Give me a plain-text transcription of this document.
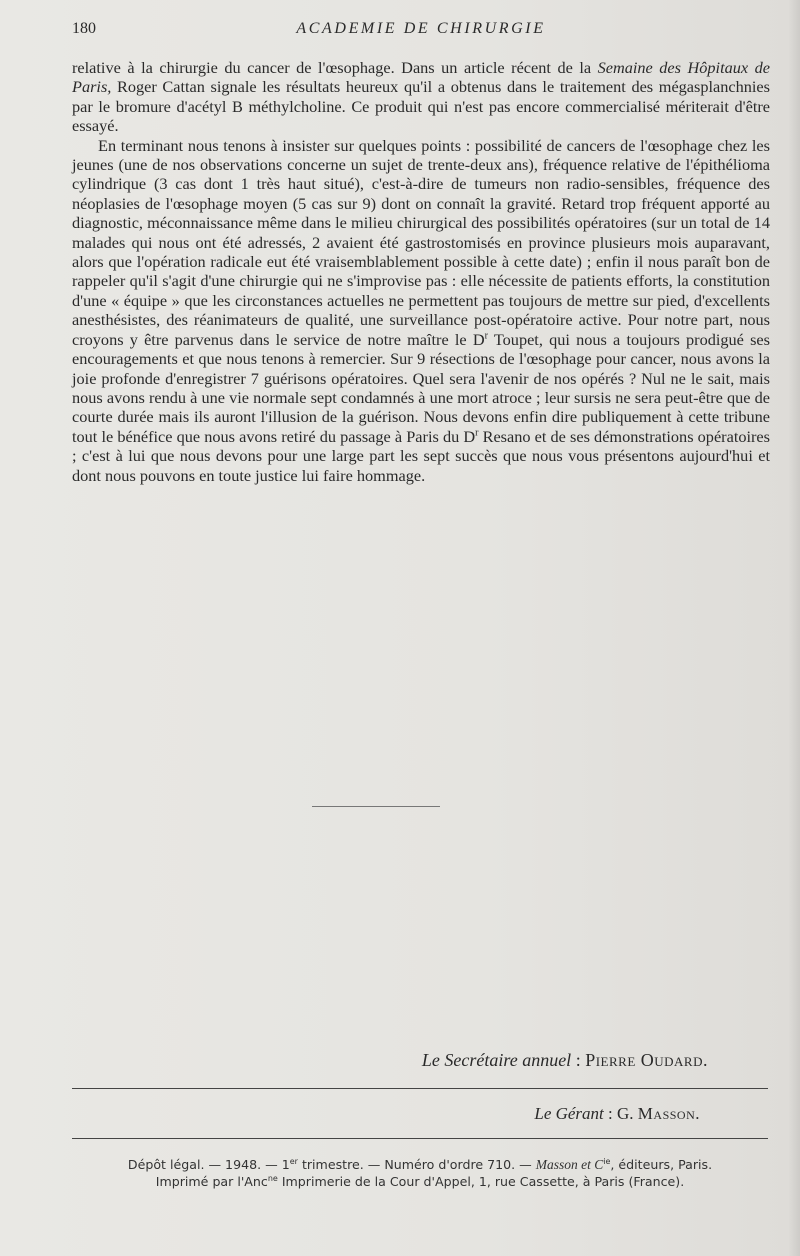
180	ACADEMIE DE CHIRURGIE

relative à la chirurgie du cancer de l'œsophage. Dans un article récent de la Semaine des Hôpitaux de Paris, Roger Cattan signale les résultats heureux qu'il a obtenus dans le traitement des mégasplanchnies par le bromure d'acétyl B méthylcholine. Ce produit qui n'est pas encore commercialisé mériterait d'être essayé.

En terminant nous tenons à insister sur quelques points : possibilité de cancers de l'œsophage chez les jeunes (une de nos observations concerne un sujet de trente-deux ans), fréquence relative de l'épithélioma cylindrique (3 cas dont 1 très haut situé), c'est-à-dire de tumeurs non radio-sensibles, fréquence des néoplasies de l'œsophage moyen (5 cas sur 9) dont on connaît la gravité. Retard trop fréquent apporté au diagnostic, méconnaissance même dans le milieu chirurgical des possibilités opératoires (sur un total de 14 malades qui nous ont été adressés, 2 avaient été gastrostomisés en province plusieurs mois auparavant, alors que l'opération radicale eut été vraisemblablement possible à cette date) ; enfin il nous paraît bon de rappeler qu'il s'agit d'une chirurgie qui ne s'improvise pas : elle nécessite de patients efforts, la constitution d'une « équipe » que les circonstances actuelles ne permettent pas toujours de mettre sur pied, d'excellents anesthésistes, des réanimateurs de qualité, une surveillance post-opératoire active. Pour notre part, nous croyons y être parvenus dans le service de notre maître le $D^r$ Toupet, qui nous a toujours prodigué ses encouragements et que nous tenons à remercier. Sur 9 résections de l'œsophage pour cancer, nous avons la joie profonde d'enregistrer 7 guérisons opératoires. Quel sera l'avenir de nos opérés ? Nul ne le sait, mais nous avons rendu à une vie normale sept condamnés à une mort atroce ; leur sursis ne sera peut-être que de courte durée mais ils auront l'illusion de la guérison. Nous devons enfin dire publiquement à cette tribune tout le bénéfice que nous avons retiré du passage à Paris du $D^r$ Resano et de ses démonstrations opératoires ; c'est à lui que nous devons pour une large part les sept succès que nous vous présentons aujourd'hui et dont nous pouvons en toute justice lui faire hommage.

Le Secrétaire annuel : Pierre Oudard.
Le Gérant : G. Masson.
Dépôt légal. — 1948. — 1er trimestre. — Numéro d'ordre 710. — Masson et $C^{ie}$, éditeurs, Paris.
Imprimé par l'Anc$^{ne}$ Imprimerie de la Cour d'Appel, 1, rue Cassette, à Paris (France).
